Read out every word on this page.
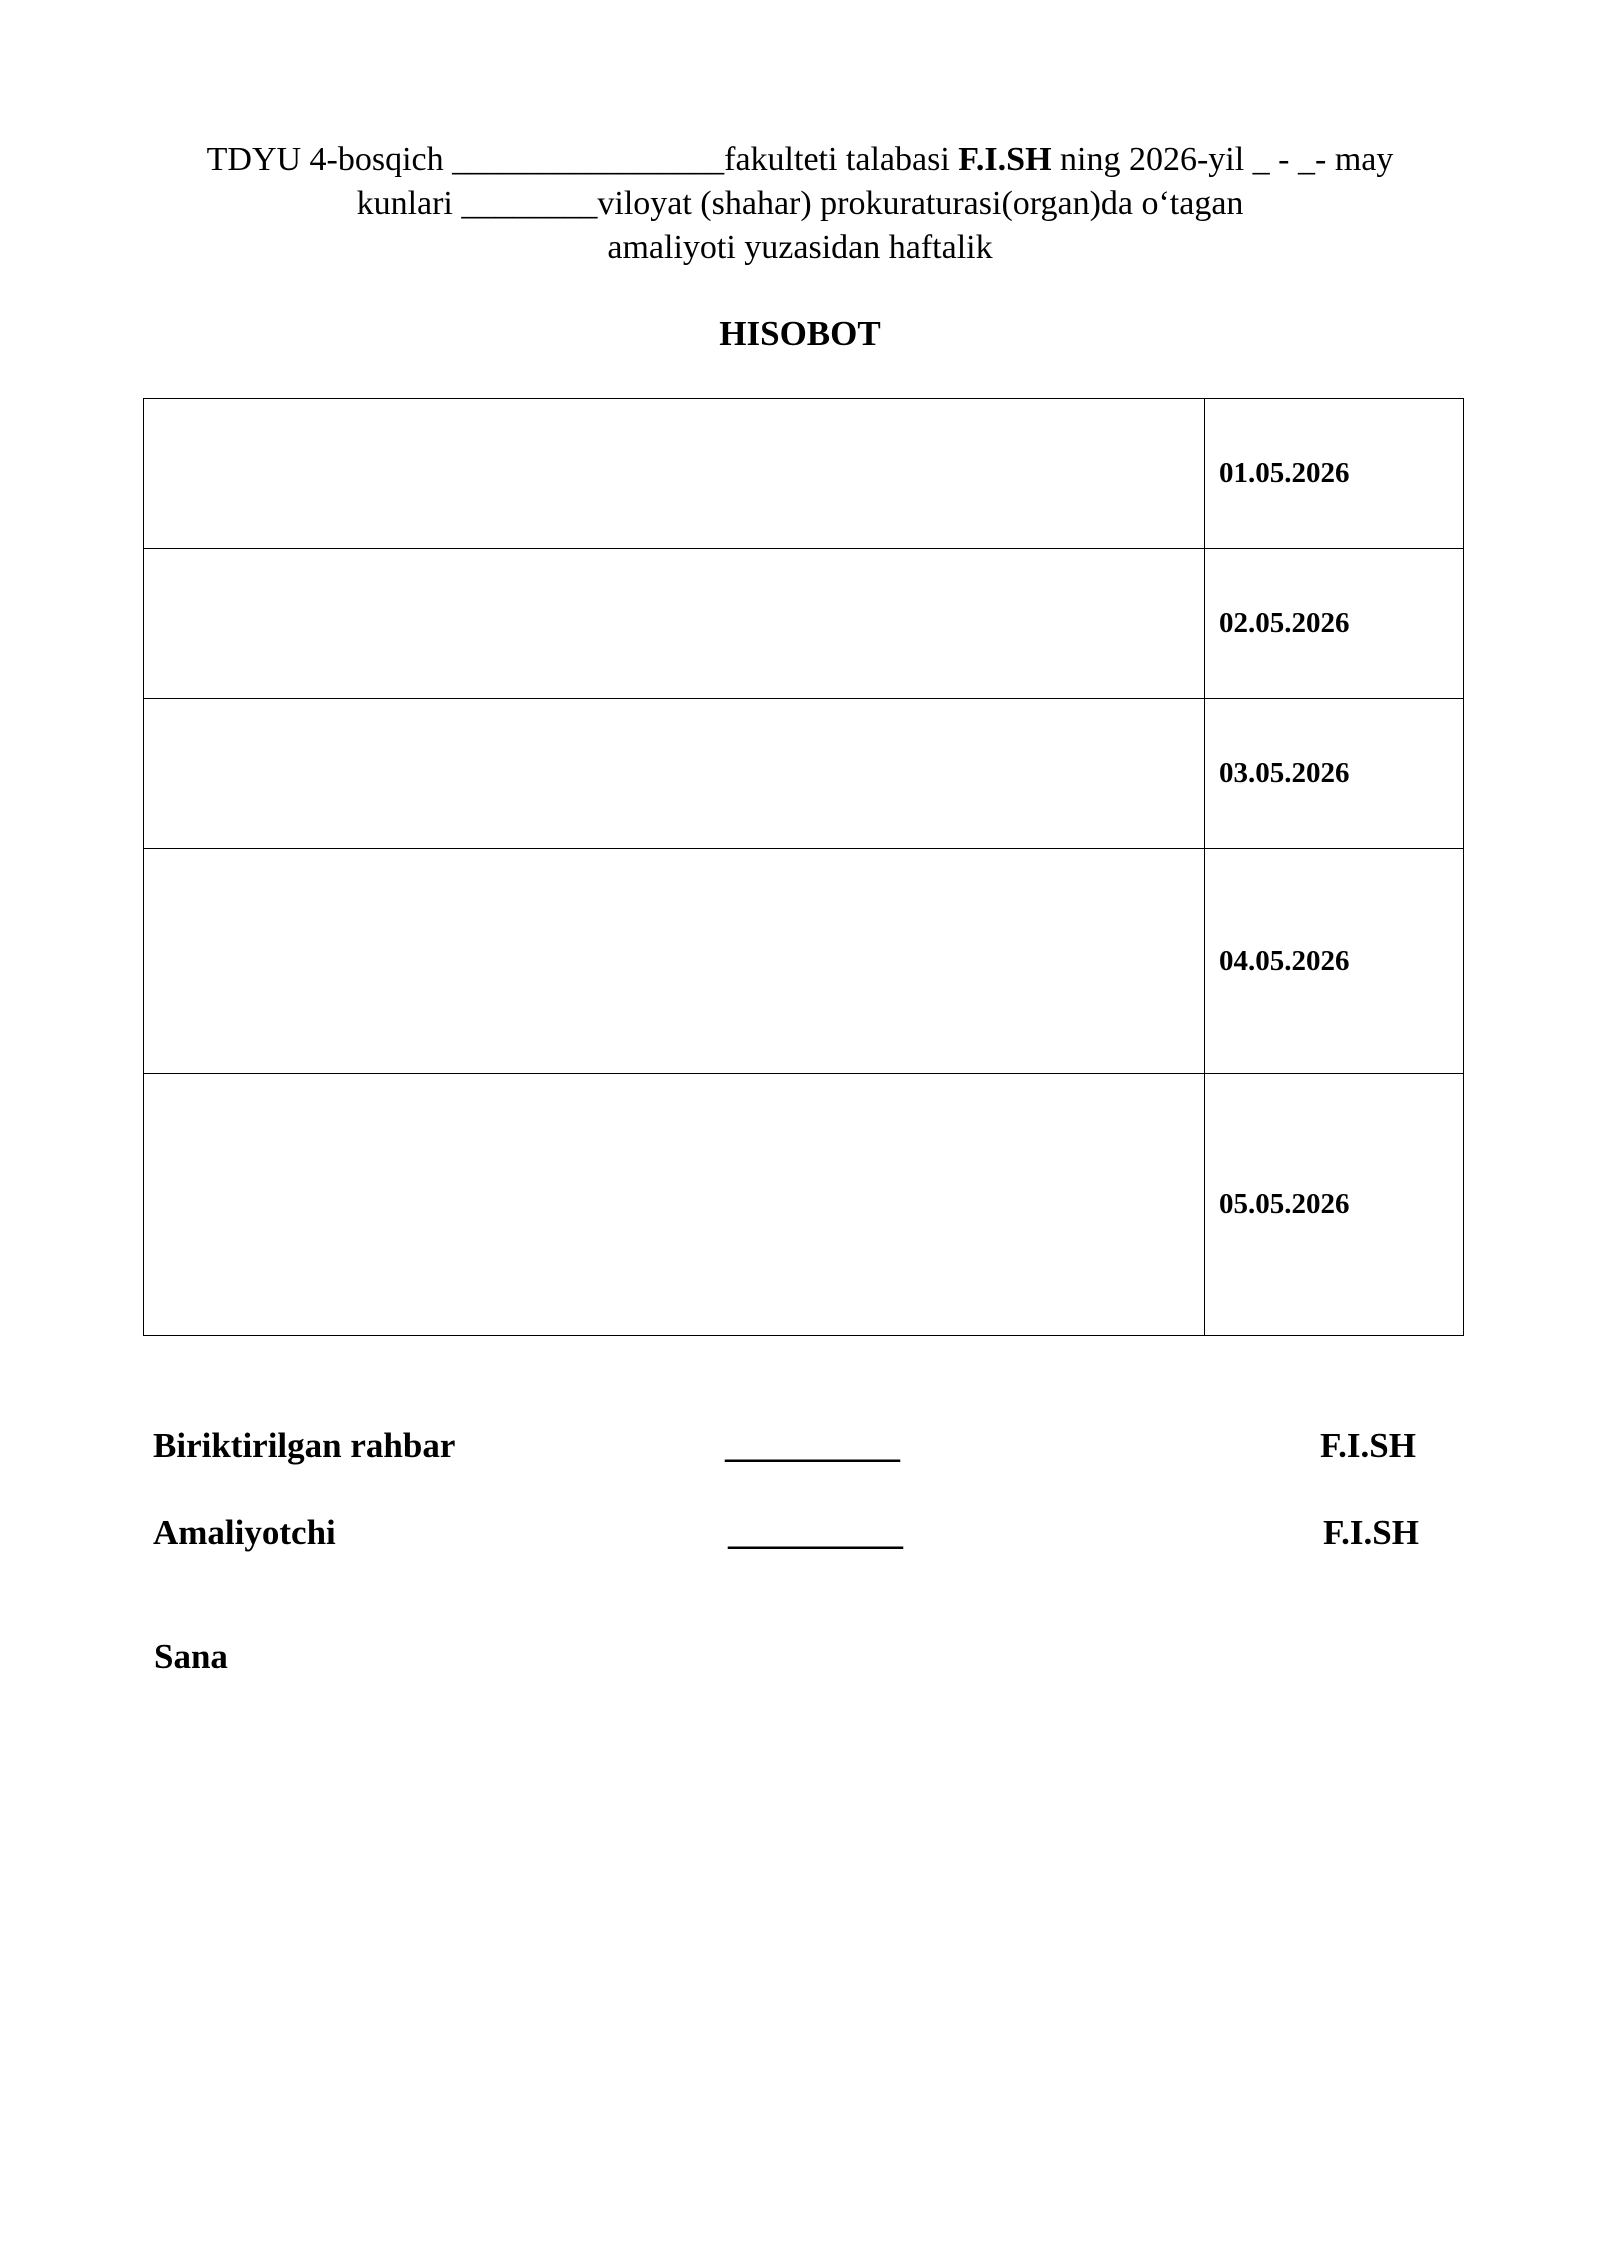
TDYU 4-bosqich ________________fakulteti talabasi F.I.SH ning 2026-yil _ - _- may
kunlari ________viloyat (shahar) prokuraturasi(organ)da o‘tagan
amaliyoti yuzasidan haftalik
HISOBOT
	01.05.2026
	02.05.2026
	03.05.2026
	04.05.2026
	05.05.2026
Biriktirilgan rahbar	__________	F.I.SH
Amaliyotchi	__________	F.I.SH
Sana
